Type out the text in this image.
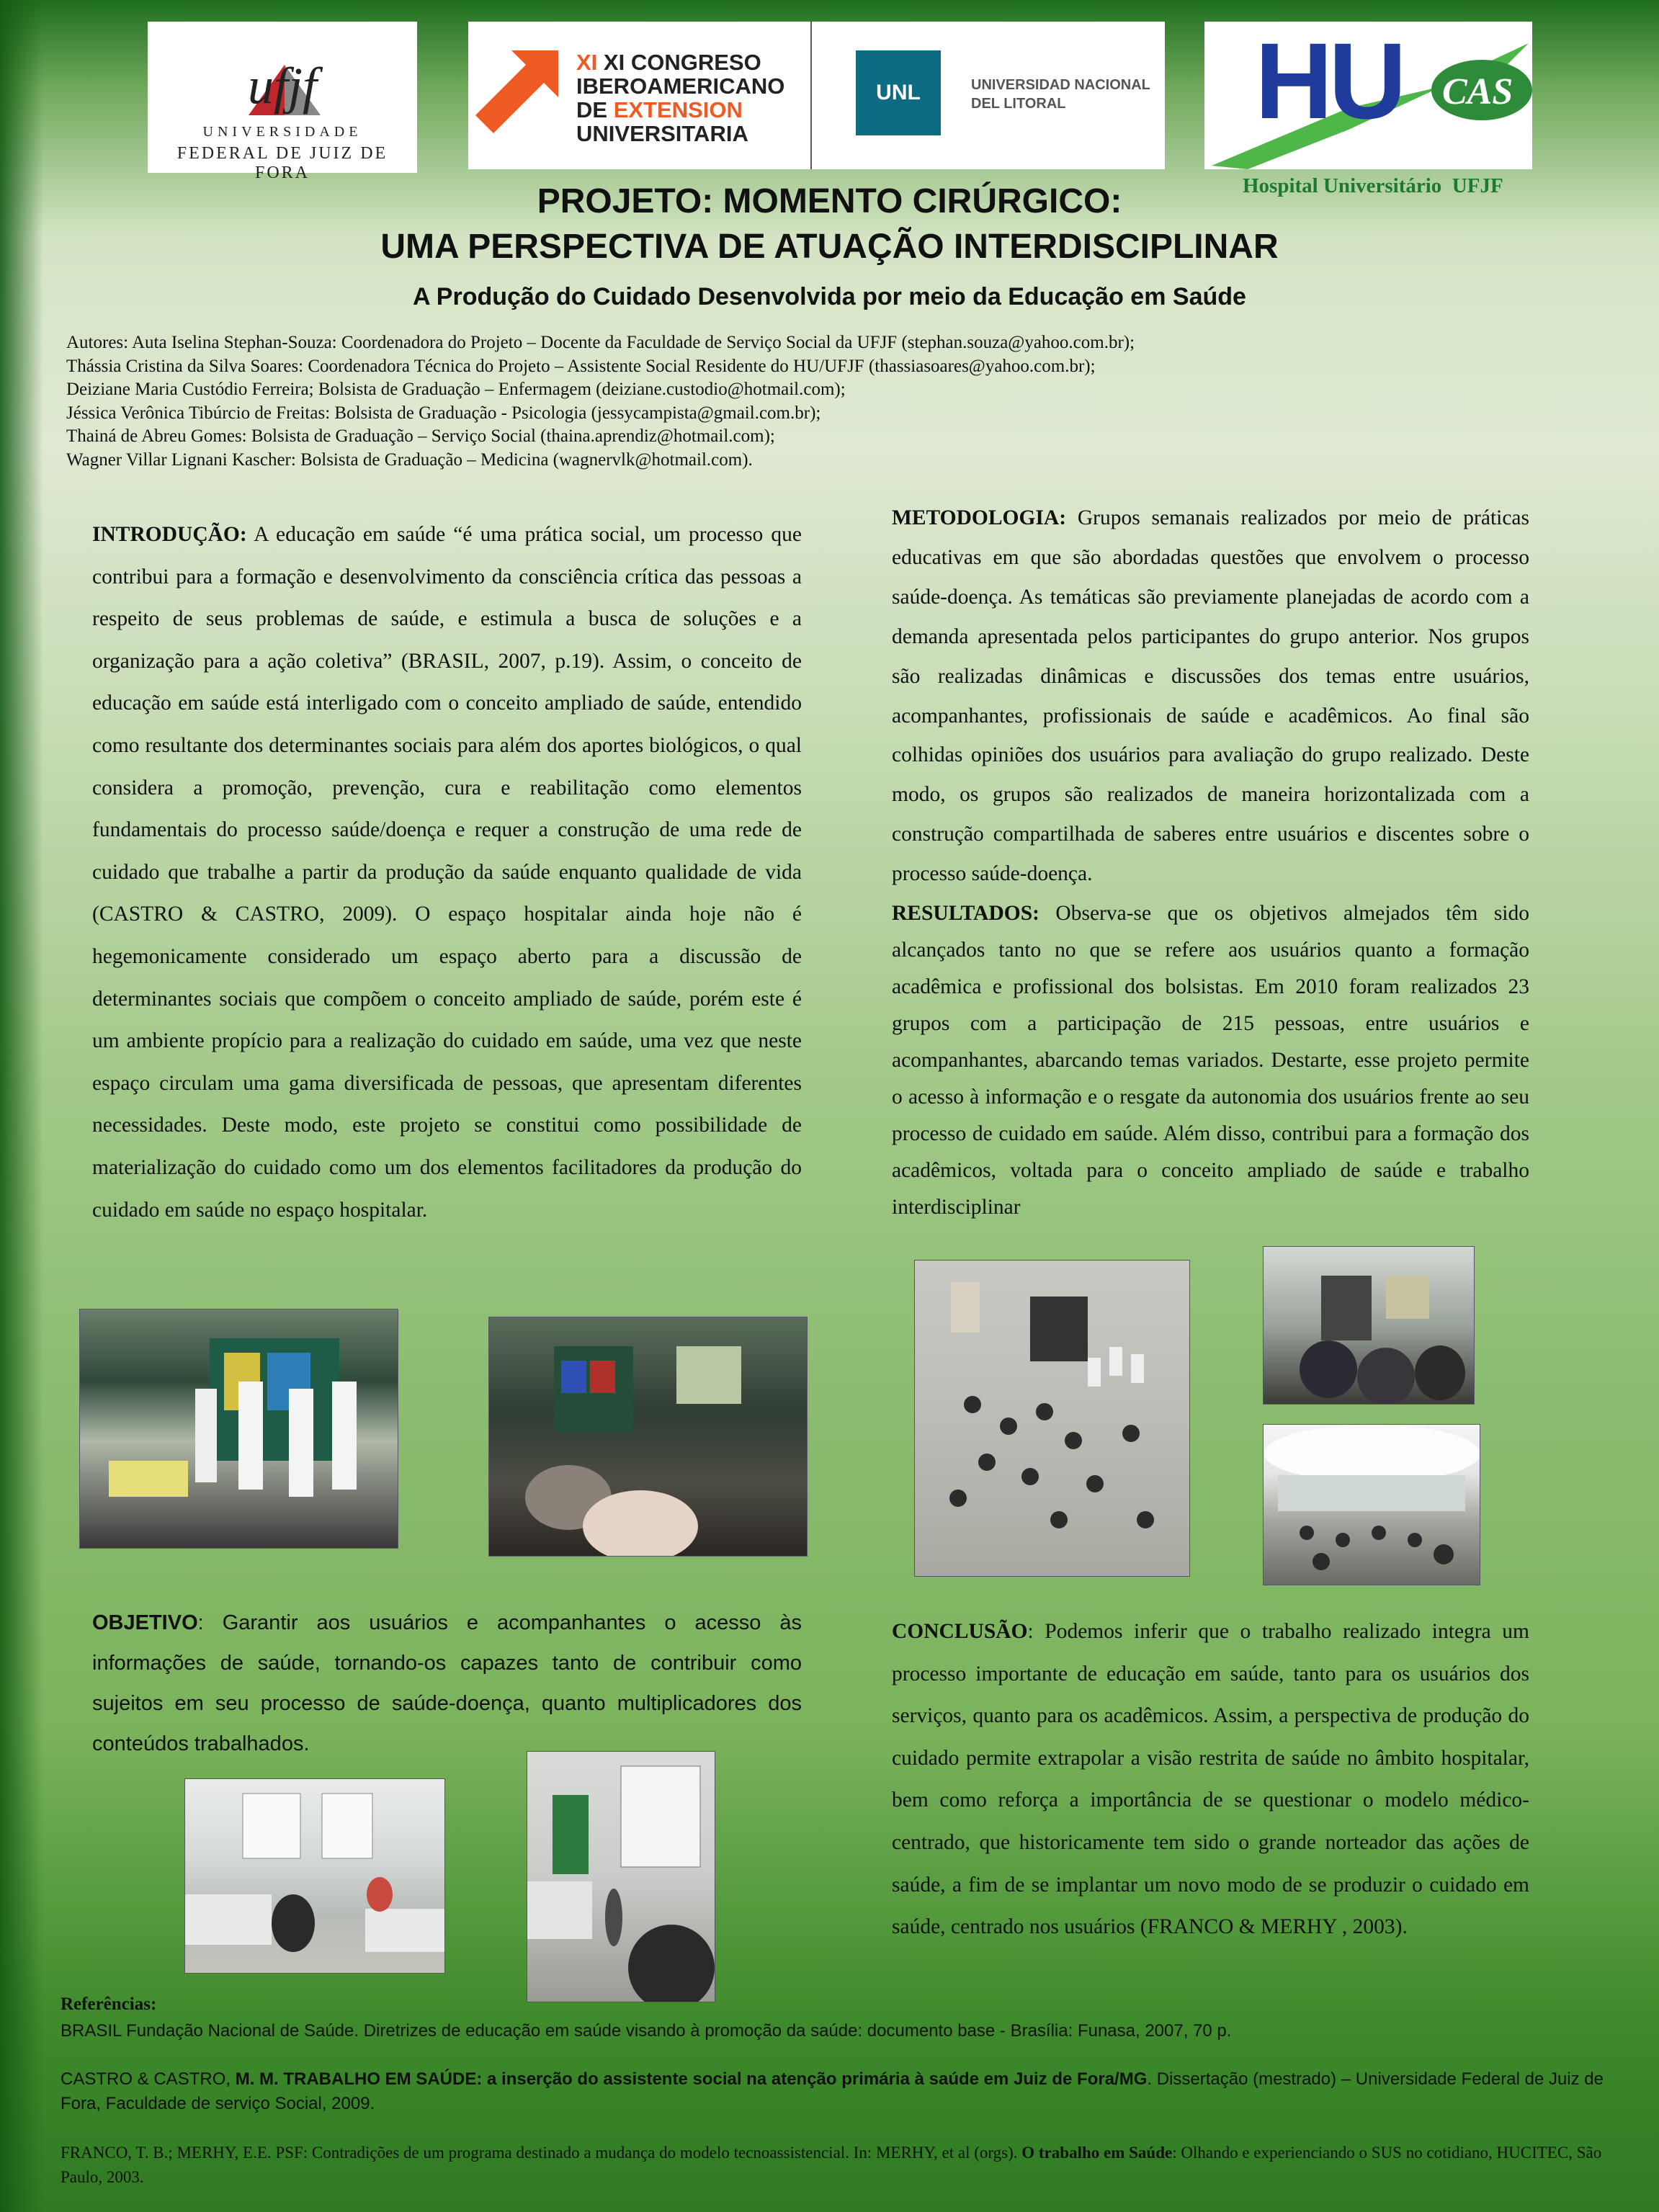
ufjf
UNIVERSIDADE
FEDERAL DE JUIZ DE FORA
XI XI CONGRESO
IBEROAMERICANO
DE EXTENSION
UNIVERSITARIA
UNL	UNIVERSIDAD NACIONAL
DEL LITORAL	HU CAS
Hospital Universitário  UFJF
PROJETO: MOMENTO CIRÚRGICO:
UMA PERSPECTIVA DE ATUAÇÃO INTERDISCIPLINAR
A Produção do Cuidado Desenvolvida por meio da Educação em Saúde
Autores: Auta Iselina Stephan-Souza: Coordenadora do Projeto – Docente da Faculdade de Serviço Social da UFJF (stephan.souza@yahoo.com.br);
Thássia Cristina da Silva Soares: Coordenadora Técnica do Projeto – Assistente Social Residente do HU/UFJF (thassiasoares@yahoo.com.br);
Deiziane Maria Custódio Ferreira; Bolsista de Graduação – Enfermagem (deiziane.custodio@hotmail.com);
Jéssica Verônica Tibúrcio de Freitas: Bolsista de Graduação - Psicologia (jessycampista@gmail.com.br);
Thainá de Abreu Gomes: Bolsista de Graduação – Serviço Social (thaina.aprendiz@hotmail.com);
Wagner Villar Lignani Kascher: Bolsista de Graduação – Medicina (wagnervlk@hotmail.com).
INTRODUÇÃO: A educação em saúde “é uma prática social, um processo que contribui para a formação e desenvolvimento da consciência crítica das pessoas a respeito de seus problemas de saúde, e estimula a busca de soluções e a organização para a ação coletiva” (BRASIL, 2007, p.19). Assim, o conceito de educação em saúde está interligado com o conceito ampliado de saúde, entendido como resultante dos determinantes sociais para além dos aportes biológicos, o qual considera a promoção, prevenção, cura e reabilitação como elementos fundamentais do processo saúde/doença e requer a construção de uma rede de cuidado que trabalhe a partir da produção da saúde enquanto qualidade de vida (CASTRO & CASTRO, 2009). O espaço hospitalar ainda hoje não é hegemonicamente considerado um espaço aberto para a discussão de determinantes sociais que compõem o conceito ampliado de saúde, porém este é um ambiente propício para a realização do cuidado em saúde, uma vez que neste espaço circulam uma gama diversificada de pessoas, que apresentam diferentes necessidades. Deste modo, este projeto se constitui como possibilidade de materialização do cuidado como um dos elementos facilitadores da produção do cuidado em saúde no espaço hospitalar.
METODOLOGIA: Grupos semanais realizados por meio de práticas educativas em que são abordadas questões que envolvem o processo saúde-doença. As temáticas são previamente planejadas de acordo com a demanda apresentada pelos participantes do grupo anterior. Nos grupos são realizadas dinâmicas e discussões dos temas entre usuários, acompanhantes, profissionais de saúde e acadêmicos. Ao final são colhidas opiniões dos usuários para avaliação do grupo realizado. Deste modo, os grupos são realizados de maneira horizontalizada com a construção compartilhada de saberes entre usuários e discentes sobre o processo saúde-doença.
RESULTADOS: Observa-se que os objetivos almejados têm sido alcançados tanto no que se refere aos usuários quanto a formação acadêmica e profissional dos bolsistas. Em 2010 foram realizados 23 grupos com a participação de 215 pessoas, entre usuários e acompanhantes, abarcando temas variados. Destarte, esse projeto permite o acesso à informação e o resgate da autonomia dos usuários frente ao seu processo de cuidado em saúde. Além disso, contribui para a formação dos acadêmicos, voltada para o conceito ampliado de saúde e trabalho interdisciplinar
OBJETIVO: Garantir aos usuários e acompanhantes o acesso às informações de saúde, tornando-os capazes tanto de contribuir como sujeitos em seu processo de saúde-doença, quanto multiplicadores dos conteúdos trabalhados.
CONCLUSÃO: Podemos inferir que o trabalho realizado integra um processo importante de educação em saúde, tanto para os usuários dos serviços, quanto para os acadêmicos. Assim, a perspectiva de produção do cuidado permite extrapolar a visão restrita de saúde no âmbito hospitalar, bem como reforça a importância de se questionar o modelo médico-centrado, que historicamente tem sido o grande norteador das ações de saúde, a fim de se implantar um novo modo de se produzir o cuidado em saúde, centrado nos usuários (FRANCO & MERHY , 2003).
Referências:
BRASIL Fundação Nacional de Saúde. Diretrizes de educação em saúde visando à promoção da saúde: documento base - Brasília: Funasa, 2007, 70 p.
CASTRO & CASTRO, M. M. TRABALHO EM SAÚDE: a inserção do assistente social na atenção primária à saúde em Juiz de Fora/MG. Dissertação (mestrado) – Universidade Federal de Juiz de Fora, Faculdade de serviço Social, 2009.
FRANCO, T. B.; MERHY, E.E. PSF: Contradições de um programa destinado a mudança do modelo tecnoassistencial. In: MERHY, et al (orgs). O trabalho em Saúde: Olhando e experienciando o SUS no cotidiano, HUCITEC, São Paulo, 2003.
